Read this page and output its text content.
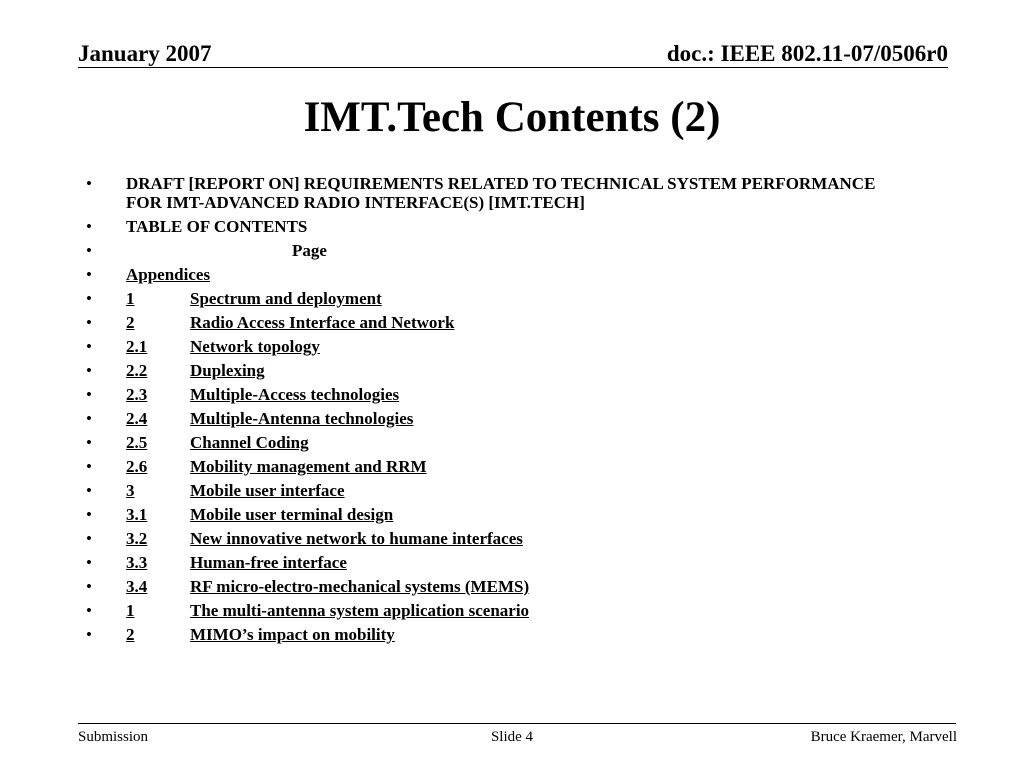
January 2007	doc.: IEEE 802.11-07/0506r0
IMT.Tech Contents (2)
• DRAFT [REPORT ON] REQUIREMENTS RELATED TO TECHNICAL SYSTEM PERFORMANCE FOR IMT-ADVANCED RADIO INTERFACE(S) [IMT.TECH]
• TABLE OF CONTENTS
•	Page
• Appendices
• 1	Spectrum and deployment
• 2	Radio Access Interface and Network
• 2.1	Network topology
• 2.2	Duplexing
• 2.3	Multiple-Access technologies
• 2.4	Multiple-Antenna technologies
• 2.5	Channel Coding
• 2.6	Mobility management and RRM
• 3	Mobile user interface
• 3.1	Mobile user terminal design
• 3.2	New innovative network to humane interfaces
• 3.3	Human-free interface
• 3.4	RF micro-electro-mechanical systems (MEMS)
• 1	The multi-antenna system application scenario
• 2	MIMO’s impact on mobility
Submission	Slide 4	Bruce Kraemer, Marvell
